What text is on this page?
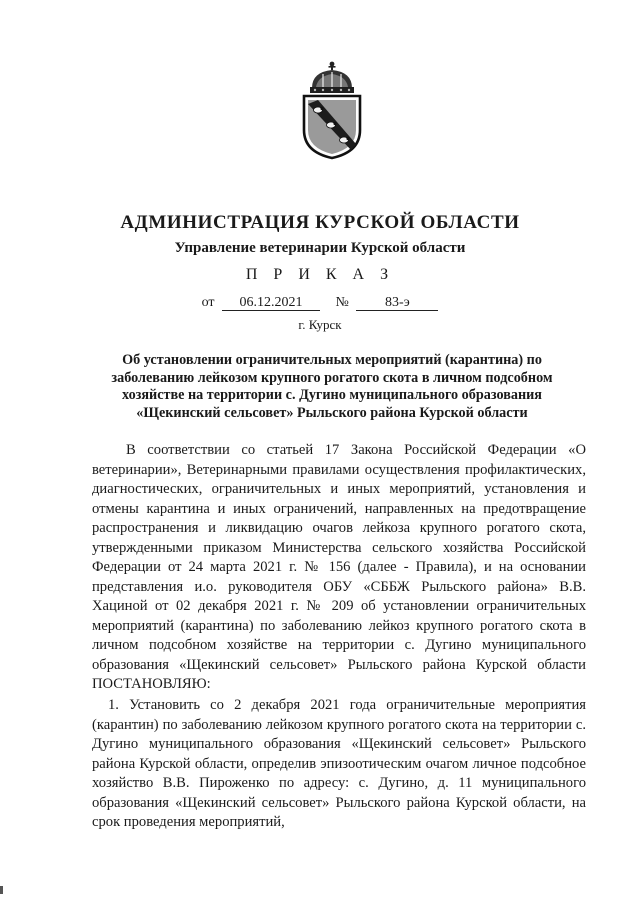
АДМИНИСТРАЦИЯ КУРСКОЙ ОБЛАСТИ
Управление ветеринарии Курской области
П Р И К А З
от 06.12.2021 №	83-э
г. Курск
Об установлении ограничительных мероприятий (карантина) по заболеванию лейкозом крупного рогатого скота в личном подсобном хозяйстве на территории с. Дугино муниципального образования «Щекинский сельсовет» Рыльского района Курской области
В соответствии со статьей 17 Закона Российской Федерации «О ветеринарии», Ветеринарными правилами осуществления профилактических, диагностических, ограничительных и иных мероприятий, установления и отмены карантина и иных ограничений, направленных на предотвращение распространения и ликвидацию очагов лейкоза крупного рогатого скота, утвержденными приказом Министерства сельского хозяйства Российской Федерации от 24 марта 2021 г. № 156 (далее - Правила), и на основании представления и.о. руководителя ОБУ «СББЖ Рыльского района» В.В. Хациной от 02 декабря 2021 г. № 209 об установлении ограничительных мероприятий (карантина) по заболеванию лейкоз крупного рогатого скота в личном подсобном хозяйстве на территории с. Дугино муниципального образования «Щекинский сельсовет» Рыльского района Курской области ПОСТАНОВЛЯЮ:
1. Установить со 2 декабря 2021 года ограничительные мероприятия (карантин) по заболеванию лейкозом крупного рогатого скота на территории с. Дугино муниципального образования «Щекинский сельсовет» Рыльского района Курской области, определив эпизоотическим очагом личное подсобное хозяйство В.В. Пироженко по адресу: с. Дугино, д. 11 муниципального образования «Щекинский сельсовет» Рыльского района Курской области, на срок проведения мероприятий,
